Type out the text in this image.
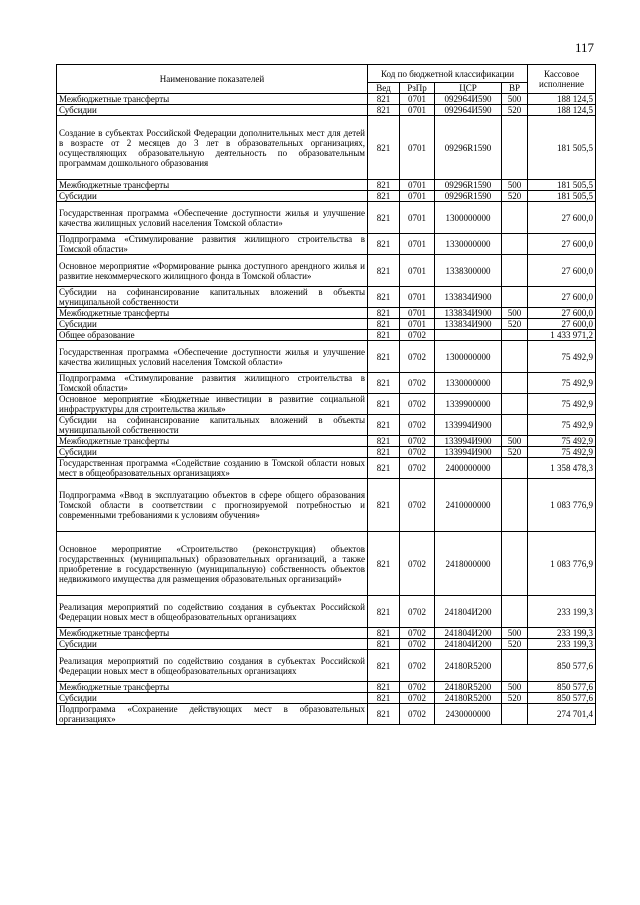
117
Наименование показателей	Код по бюджетной классификации				Кассовое исполнение
	Вед	РзПр	ЦСР	ВР	
Межбюджетные трансферты	821	0701	092964И590	500	188 124,5
Субсидии	821	0701	092964И590	520	188 124,5
Создание в субъектах Российской Федерации дополнительных мест для детей в возрасте от 2 месяцев до 3 лет в образовательных организациях, осуществляющих образовательную деятельность по образовательным программам дошкольного образования	821	0701	09296R1590		181 505,5
Межбюджетные трансферты	821	0701	09296R1590	500	181 505,5
Субсидии	821	0701	09296R1590	520	181 505,5
Государственная программа «Обеспечение доступности жилья и улучшение качества жилищных условий населения Томской области»	821	0701	1300000000		27 600,0
Подпрограмма «Стимулирование развития жилищного строительства в Томской области»	821	0701	1330000000		27 600,0
Основное мероприятие «Формирование рынка доступного арендного жилья и развитие некоммерческого жилищного фонда в Томской области»	821	0701	1338300000		27 600,0
Субсидии на софинансирование капитальных вложений в объекты муниципальной собственности	821	0701	133834И900		27 600,0
Межбюджетные трансферты	821	0701	133834И900	500	27 600,0
Субсидии	821	0701	133834И900	520	27 600,0
Общее образование	821	0702			1 433 971,2
Государственная программа «Обеспечение доступности жилья и улучшение качества жилищных условий населения Томской области»	821	0702	1300000000		75 492,9
Подпрограмма «Стимулирование развития жилищного строительства в Томской области»	821	0702	1330000000		75 492,9
Основное мероприятие «Бюджетные инвестиции в развитие социальной инфраструктуры для строительства жилья»	821	0702	1339900000		75 492,9
Субсидии на софинансирование капитальных вложений в объекты муниципальной собственности	821	0702	133994И900		75 492,9
Межбюджетные трансферты	821	0702	133994И900	500	75 492,9
Субсидии	821	0702	133994И900	520	75 492,9
Государственная программа «Содействие созданию в Томской области новых мест в общеобразовательных организациях»	821	0702	2400000000		1 358 478,3
Подпрограмма «Ввод в эксплуатацию объектов в сфере общего образования Томской области в соответствии с прогнозируемой потребностью и современными требованиями к условиям обучения»	821	0702	2410000000		1 083 776,9
Основное мероприятие «Строительство (реконструкция) объектов государственных (муниципальных) образовательных организаций, а также приобретение в государственную (муниципальную) собственность объектов недвижимого имущества для размещения образовательных организаций»	821	0702	2418000000		1 083 776,9
Реализация мероприятий по содействию создания в субъектах Российской Федерации новых мест в общеобразовательных организациях	821	0702	241804И200		233 199,3
Межбюджетные трансферты	821	0702	241804И200	500	233 199,3
Субсидии	821	0702	241804И200	520	233 199,3
Реализация мероприятий по содействию создания в субъектах Российской Федерации новых мест в общеобразовательных организациях	821	0702	24180R5200		850 577,6
Межбюджетные трансферты	821	0702	24180R5200	500	850 577,6
Субсидии	821	0702	24180R5200	520	850 577,6
Подпрограмма «Сохранение действующих мест в образовательных организациях»	821	0702	2430000000		274 701,4
